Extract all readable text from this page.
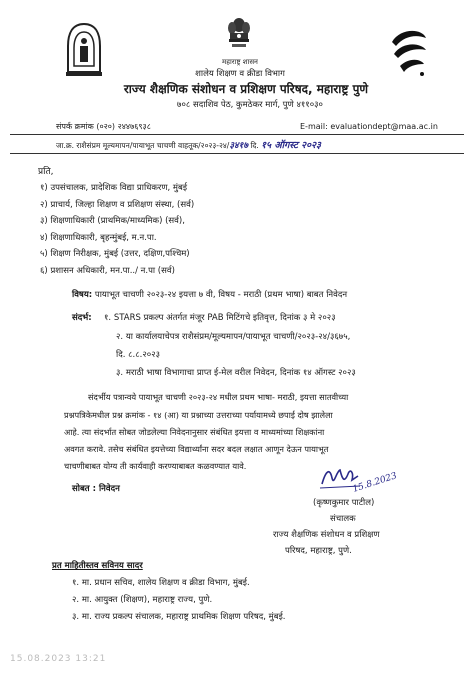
महाराष्ट्र शासन
शालेय शिक्षण व क्रीडा विभाग
राज्य शैक्षणिक संशोधन व प्रशिक्षण परिषद, महाराष्ट्र पुणे
७०८ सदाशिव पेठ, कुमठेकर मार्ग, पुणे ४११०३०
संपर्क क्रमांक (०२०) २४४७६९३८	E-mail: evaluationdept@maa.ac.in
जा.क्र. राशैसंप्रम मूल्यमापन/पायाभूत चाचणी वाहतूक/२०२३-२४/३४१७ दि. १५ ऑगस्ट २०२३
प्रति,
१) उपसंचालक, प्रादेशिक विद्या प्राधिकरण, मुंबई
२) प्राचार्य, जिल्हा शिक्षण व प्रशिक्षण संस्था, (सर्व)
३) शिक्षणाधिकारी (प्राथमिक/माध्यमिक) (सर्व),
४) शिक्षणाधिकारी, बृहन्मुंबई, म.न.पा.
५) शिक्षण निरीक्षक, मुंबई (उत्तर, दक्षिण,पश्चिम)
६) प्रशासन अधिकारी, मन.पा../ न.पा (सर्व)
विषय: पायाभूत चाचणी २०२३-२४ इयत्ता ७ वी, विषय - मराठी (प्रथम भाषा) बाबत निवेदन
संदर्भ: १. STARS प्रकल्प अंतर्गत मंजूर PAB मिटिंगचे इतिवृत्त, दिनांक ३ मे २०२३
२. या कार्यालयाचेपत्र राशैसंप्रम/मूल्यमापन/पायाभूत चाचणी/२०२३-२४/३६७५,
दि. ८.८.२०२३
३. मराठी भाषा विभागाचा प्राप्त ई-मेल वरील निवेदन, दिनांक १४ ऑगस्ट २०२३
संदर्भीय पत्रान्वये पायाभूत चाचणी २०२३-२४ मधील प्रथम भाषा- मराठी, इयत्ता सातवीच्या
प्रश्नपत्रिकेमधील प्रश्न क्रमांक - १४ (आ) या प्रश्नाच्या उत्तराच्या पर्यायामध्ये छपाई दोष झालेला
आहे. त्या संदर्भात सोबत जोडलेल्या निवेदनानुसार संबंधित इयत्ता व माध्यमांच्या शिक्षकांना
अवगत करावे. तसेच संबंधित इयत्तेच्या विद्यार्थ्यांना सदर बदल लक्षात आणून देऊन पायाभूत
चाचणीबाबत योग्य ती कार्यवाही करण्याबाबत कळवण्यात यावे.
15.8.2023
सोबत : निवेदन
(कृष्णकुमार पाटील)
संचालक
राज्य शैक्षणिक संशोधन व प्रशिक्षण
परिषद, महाराष्ट्र, पुणे.
प्रत माहितीस्तव सविनय सादर
१. मा. प्रधान सचिव, शालेय शिक्षण व क्रीडा विभाग, मुंबई.
२. मा. आयुक्त (शिक्षण), महाराष्ट्र राज्य, पुणे.
३. मा. राज्य प्रकल्प संचालक, महाराष्ट्र प्राथमिक शिक्षण परिषद, मुंबई.
15.08.2023 13:21
